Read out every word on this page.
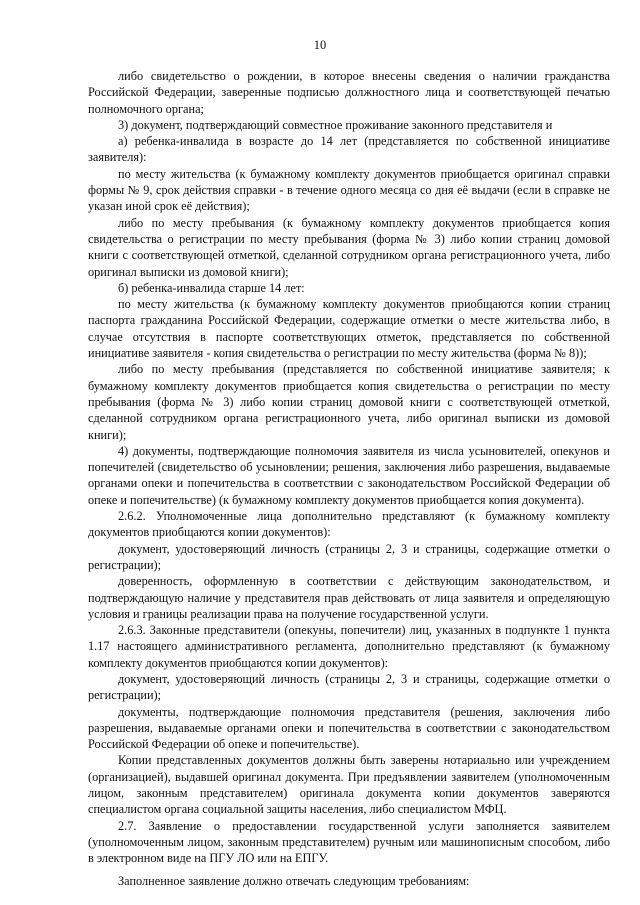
10

либо свидетельство о рождении, в которое внесены сведения о наличии гражданства Российской Федерации, заверенные подписью должностного лица и соответствующей печатью полномочного органа;

3) документ, подтверждающий совместное проживание законного представителя и

а) ребенка-инвалида в возрасте до 14 лет (представляется по собственной инициативе заявителя):

по месту жительства (к бумажному комплекту документов приобщается оригинал справки формы № 9, срок действия справки - в течение одного месяца со дня её выдачи (если в справке не указан иной срок её действия);

либо по месту пребывания (к бумажному комплекту документов приобщается копия свидетельства о регистрации по месту пребывания (форма № 3) либо копии страниц домовой книги с соответствующей отметкой, сделанной сотрудником органа регистрационного учета, либо оригинал выписки из домовой книги);

б) ребенка-инвалида старше 14 лет:

по месту жительства (к бумажному комплекту документов приобщаются копии страниц паспорта гражданина Российской Федерации, содержащие отметки о месте жительства либо, в случае отсутствия в паспорте соответствующих отметок, представляется по собственной инициативе заявителя - копия свидетельства о регистрации по месту жительства (форма № 8));

либо по месту пребывания (представляется по собственной инициативе заявителя; к бумажному комплекту документов приобщается копия свидетельства о регистрации по месту пребывания (форма № 3) либо копии страниц домовой книги с соответствующей отметкой, сделанной сотрудником органа регистрационного учета, либо оригинал выписки из домовой книги);

4) документы, подтверждающие полномочия заявителя из числа усыновителей, опекунов и попечителей (свидетельство об усыновлении; решения, заключения либо разрешения, выдаваемые органами опеки и попечительства в соответствии с законодательством Российской Федерации об опеке и попечительстве) (к бумажному комплекту документов приобщается копия документа).

2.6.2. Уполномоченные лица дополнительно представляют (к бумажному комплекту документов приобщаются копии документов):

документ, удостоверяющий личность (страницы 2, 3 и страницы, содержащие отметки о регистрации);

доверенность, оформленную в соответствии с действующим законодательством, и подтверждающую наличие у представителя прав действовать от лица заявителя и определяющую условия и границы реализации права на получение государственной услуги.

2.6.3. Законные представители (опекуны, попечители) лиц, указанных в подпункте 1 пункта 1.17 настоящего административного регламента, дополнительно представляют (к бумажному комплекту документов приобщаются копии документов):

документ, удостоверяющий личность (страницы 2, 3 и страницы, содержащие отметки о регистрации);

документы, подтверждающие полномочия представителя (решения, заключения либо разрешения, выдаваемые органами опеки и попечительства в соответствии с законодательством Российской Федерации об опеке и попечительстве).

Копии представленных документов должны быть заверены нотариально или учреждением (организацией), выдавшей оригинал документа. При предъявлении заявителем (уполномоченным лицом, законным представителем) оригинала документа копии документов заверяются специалистом органа социальной защиты населения, либо специалистом МФЦ.

2.7. Заявление о предоставлении государственной услуги заполняется заявителем (уполномоченным лицом, законным представителем) ручным или машинописным способом, либо в электронном виде на ПГУ ЛО или на ЕПГУ.

Заполненное заявление должно отвечать следующим требованиям:
